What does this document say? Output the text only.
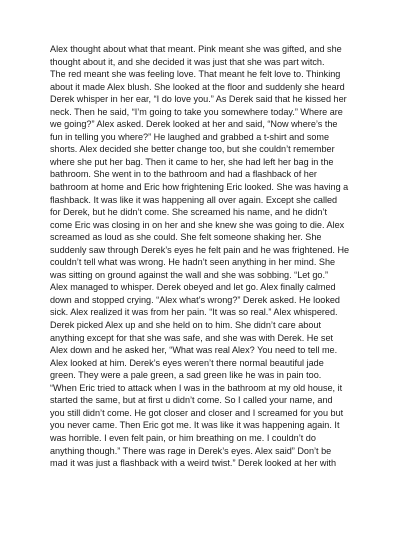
Alex thought about what that meant. Pink meant she was gifted, and she
thought about it, and she decided it was just that she was part witch.
The red meant she was feeling love. That meant he felt love to. Thinking
about it made Alex blush. She looked at the floor and suddenly she heard
Derek whisper in her ear, “I do love you.” As Derek said that he kissed her
neck. Then he said, “I’m going to take you somewhere today.” Where are
we going?” Alex asked. Derek looked at her and said, “Now where’s the
fun in telling you where?” He laughed and grabbed a t-shirt and some
shorts. Alex decided she better change too, but she couldn’t remember
where she put her bag. Then it came to her, she had left her bag in the
bathroom. She went in to the bathroom and had a flashback of her
bathroom at home and Eric how frightening Eric looked. She was having a
flashback. It was like it was happening all over again. Except she called
for Derek, but he didn’t come. She screamed his name, and he didn’t
come Eric was closing in on her and she knew she was going to die. Alex
screamed as loud as she could. She felt someone shaking her. She
suddenly saw through Derek’s eyes he felt pain and he was frightened. He
couldn’t tell what was wrong. He hadn’t seen anything in her mind. She
was sitting on ground against the wall and she was sobbing. “Let go.”
Alex managed to whisper. Derek obeyed and let go. Alex finally calmed
down and stopped crying. “Alex what’s wrong?” Derek asked. He looked
sick. Alex realized it was from her pain. “It was so real.” Alex whispered.
Derek picked Alex up and she held on to him. She didn’t care about
anything except for that she was safe, and she was with Derek. He set
Alex down and he asked her, “What was real Alex? You need to tell me.
Alex looked at him. Derek’s eyes weren’t there normal beautiful jade
green. They were a pale green, a sad green like he was in pain too.
“When Eric tried to attack when I was in the bathroom at my old house, it
started the same, but at first u didn’t come. So I called your name, and
you still didn’t come. He got closer and closer and I screamed for you but
you never came. Then Eric got me. It was like it was happening again. It
was horrible. I even felt pain, or him breathing on me. I couldn’t do
anything though.” There was rage in Derek’s eyes. Alex said” Don’t be
mad it was just a flashback with a weird twist.” Derek looked at her with
